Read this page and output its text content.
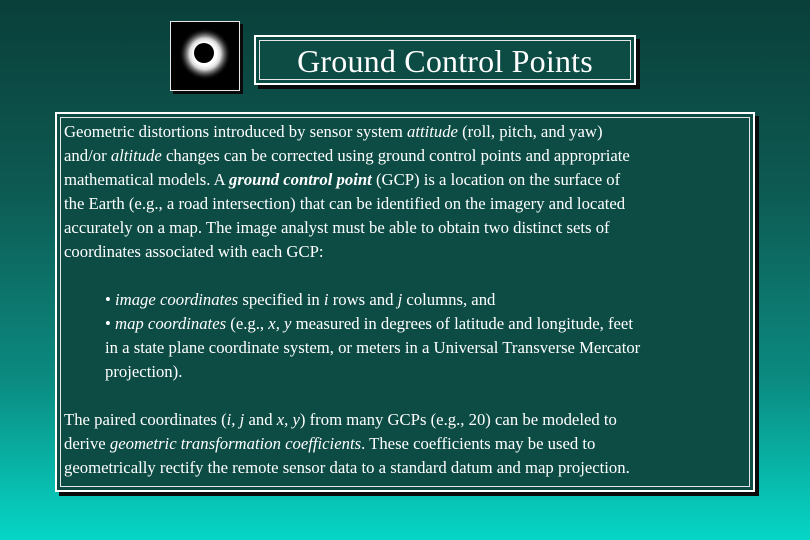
Ground Control Points

Geometric distortions introduced by sensor system attitude (roll, pitch, and yaw)
and/or altitude changes can be corrected using ground control points and appropriate
mathematical models. A ground control point (GCP) is a location on the surface of
the Earth (e.g., a road intersection) that can be identified on the imagery and located
accurately on a map. The image analyst must be able to obtain two distinct sets of
coordinates associated with each GCP:

• image coordinates specified in i rows and j columns, and
• map coordinates (e.g., x, y measured in degrees of latitude and longitude, feet
in a state plane coordinate system, or meters in a Universal Transverse Mercator
projection).

The paired coordinates (i, j and x, y) from many GCPs (e.g., 20) can be modeled to
derive geometric transformation coefficients. These coefficients may be used to
geometrically rectify the remote sensor data to a standard datum and map projection.
